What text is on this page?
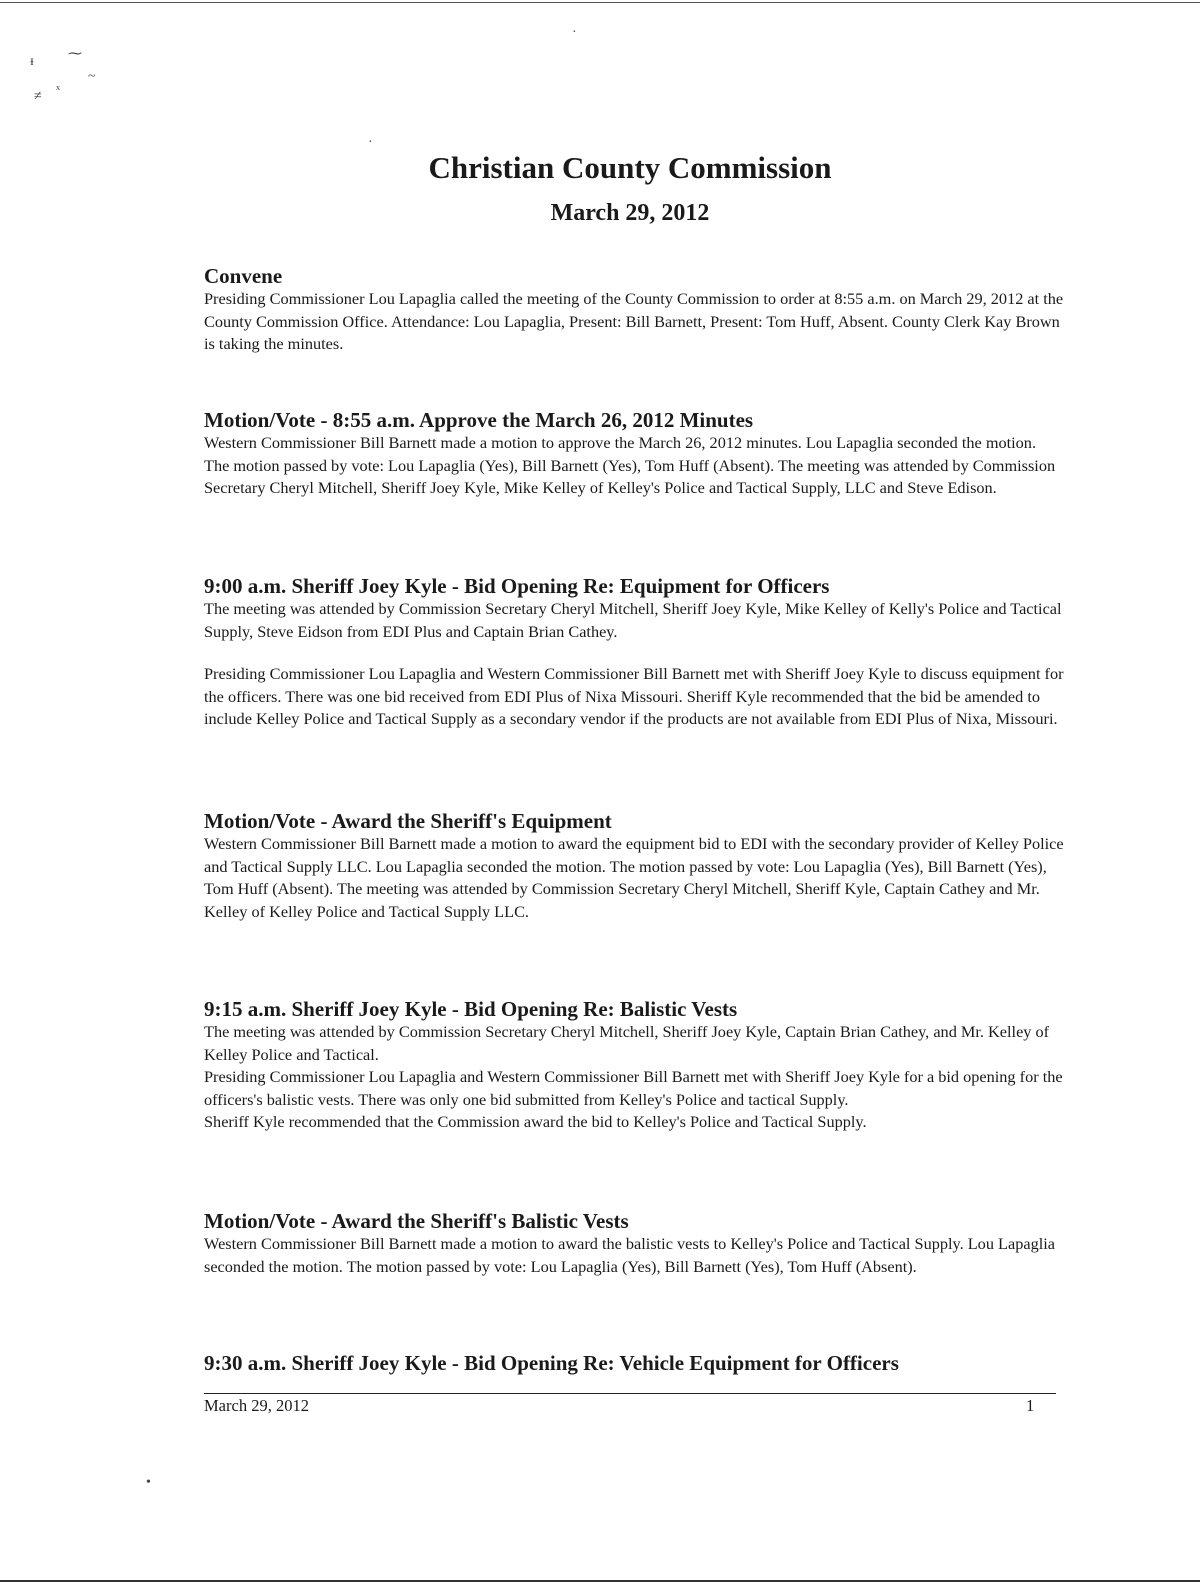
ᵻ ⁓
~
≠ ˣ
·
·
•
Christian County Commission
March 29, 2012
Convene

Presiding Commissioner Lou Lapaglia called the meeting of the County Commission to order at 8:55 a.m. on March 29, 2012 at the County Commission Office. Attendance: Lou Lapaglia, Present: Bill Barnett, Present: Tom Huff, Absent. County Clerk Kay Brown is taking the minutes.

Motion/Vote - 8:55 a.m. Approve the March 26, 2012 Minutes

Western Commissioner Bill Barnett made a motion to approve the March 26, 2012 minutes. Lou Lapaglia seconded the motion. The motion passed by vote: Lou Lapaglia (Yes), Bill Barnett (Yes), Tom Huff (Absent). The meeting was attended by Commission Secretary Cheryl Mitchell, Sheriff Joey Kyle, Mike Kelley of Kelley's Police and Tactical Supply, LLC and Steve Edison.

9:00 a.m. Sheriff Joey Kyle - Bid Opening Re: Equipment for Officers

The meeting was attended by Commission Secretary Cheryl Mitchell, Sheriff Joey Kyle, Mike Kelley of Kelly's Police and Tactical Supply, Steve Eidson from EDI Plus and Captain Brian Cathey.

Presiding Commissioner Lou Lapaglia and Western Commissioner Bill Barnett met with Sheriff Joey Kyle to discuss equipment for the officers. There was one bid received from EDI Plus of Nixa Missouri. Sheriff Kyle recommended that the bid be amended to include Kelley Police and Tactical Supply as a secondary vendor if the products are not available from EDI Plus of Nixa, Missouri.

Motion/Vote - Award the Sheriff's Equipment

Western Commissioner Bill Barnett made a motion to award the equipment bid to EDI with the secondary provider of Kelley Police and Tactical Supply LLC. Lou Lapaglia seconded the motion. The motion passed by vote: Lou Lapaglia (Yes), Bill Barnett (Yes), Tom Huff (Absent). The meeting was attended by Commission Secretary Cheryl Mitchell, Sheriff Kyle, Captain Cathey and Mr. Kelley of Kelley Police and Tactical Supply LLC.

9:15 a.m. Sheriff Joey Kyle - Bid Opening Re: Balistic Vests

The meeting was attended by Commission Secretary Cheryl Mitchell, Sheriff Joey Kyle, Captain Brian Cathey, and Mr. Kelley of Kelley Police and Tactical.

Presiding Commissioner Lou Lapaglia and Western Commissioner Bill Barnett met with Sheriff Joey Kyle for a bid opening for the officers's balistic vests. There was only one bid submitted from Kelley's Police and tactical Supply.

Sheriff Kyle recommended that the Commission award the bid to Kelley's Police and Tactical Supply.

Motion/Vote - Award the Sheriff's Balistic Vests

Western Commissioner Bill Barnett made a motion to award the balistic vests to Kelley's Police and Tactical Supply. Lou Lapaglia seconded the motion. The motion passed by vote: Lou Lapaglia (Yes), Bill Barnett (Yes), Tom Huff (Absent).

9:30 a.m. Sheriff Joey Kyle - Bid Opening Re: Vehicle Equipment for Officers
March 29, 2012	1
